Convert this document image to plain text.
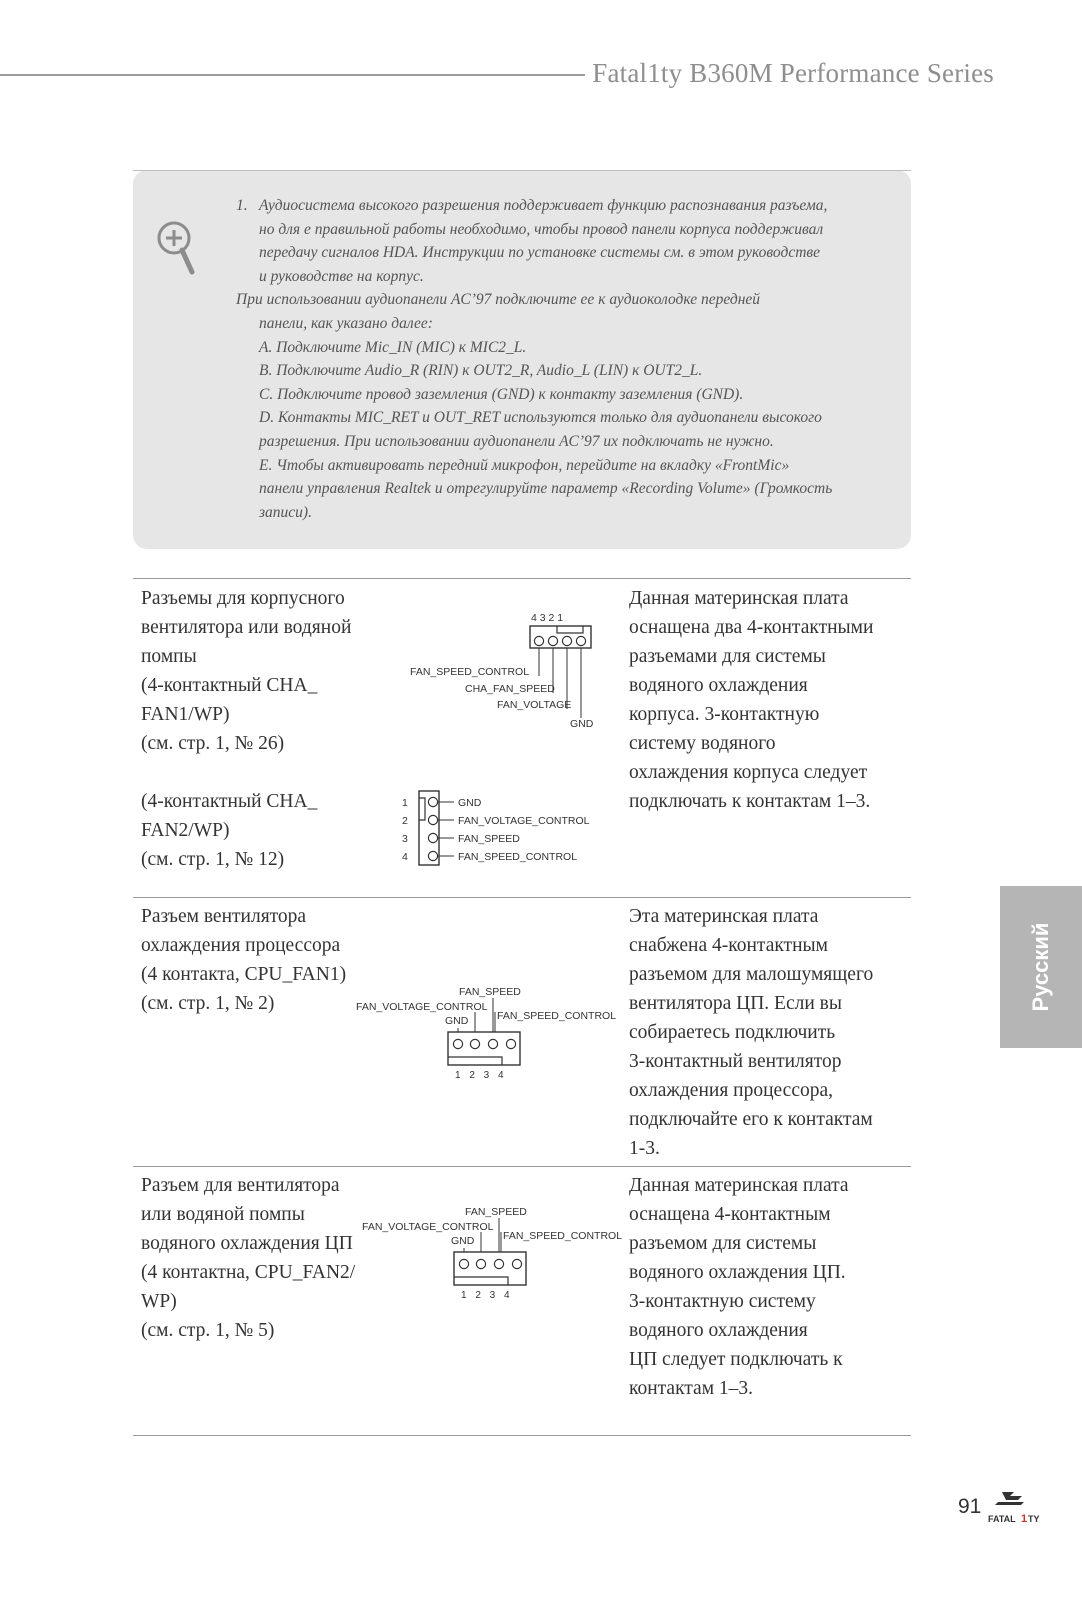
Fatal1ty B360M Performance Series
1. Аудиосистема высокого разрешения поддерживает функцию распознавания разъема,
но для е правильной работы необходимо, чтобы провод панели корпуса поддерживал
передачу сигналов HDA. Инструкции по установке системы см. в этом руководстве
и руководстве на корпус.
При использовании аудиопанели AC’97 подключите ее к аудиоколодке передней
панели, как указано далее:
A. Подключите Mic_IN (MIC) к MIC2_L.
B. Подключите Audio_R (RIN) к OUT2_R, Audio_L (LIN) к OUT2_L.
C. Подключите провод заземления (GND) к контакту заземления (GND).
D. Контакты MIC_RET и OUT_RET используются только для аудиопанели высокого
разрешения. При использовании аудиопанели AC’97 их подключать не нужно.
E. Чтобы активировать передний микрофон, перейдите на вкладку «FrontMic»
панели управления Realtek и отрегулируйте параметр «Recording Volume» (Громкость
записи).

Разъемы для корпусного

вентилятора или водяной

помпы

(4-контактный CHA_

FAN1/WP)

(см. стр. 1, № 26)

(4-контактный CHA_

FAN2/WP)

(см. стр. 1, № 12)

Данная материнская плата

оснащена два 4-контактными

разъемами для системы

водяного охлаждения

корпуса. 3-контактную

систему водяного

охлаждения корпуса следует

подключать к контактам 1–3.

4 3 2 1
FAN_SPEED_CONTROL
CHA_FAN_SPEED
FAN_VOLTAGE
GND
1
2
3
4
GND
FAN_VOLTAGE_CONTROL
FAN_SPEED
FAN_SPEED_CONTROL

Разъем вентилятора

охлаждения процессора

(4 контакта, CPU_FAN1)

(см. стр. 1, № 2)

Эта материнская плата

снабжена 4-контактным

разъемом для малошумящего

вентилятора ЦП. Если вы

собираетесь подключить

3-контактный вентилятор

охлаждения процессора,

подключайте его к контактам

1-3.

FAN_SPEED
FAN_VOLTAGE_CONTROL
GND	FAN_SPEED_CONTROL
1 2 3 4

Разъем для вентилятора

или водяной помпы

водяного охлаждения ЦП

(4 контактна, CPU_FAN2/

WP)

(см. стр. 1, № 5)

Данная материнская плата

оснащена 4-контактным

разъемом для системы

водяного охлаждения ЦП.

3-контактную систему

водяного охлаждения

ЦП следует подключать к

контактам 1–3.

FAN_SPEED
FAN_VOLTAGE_CONTROL
GND	FAN_SPEED_CONTROL
1 2 3 4
Русский
91
FATAL 1 TY
